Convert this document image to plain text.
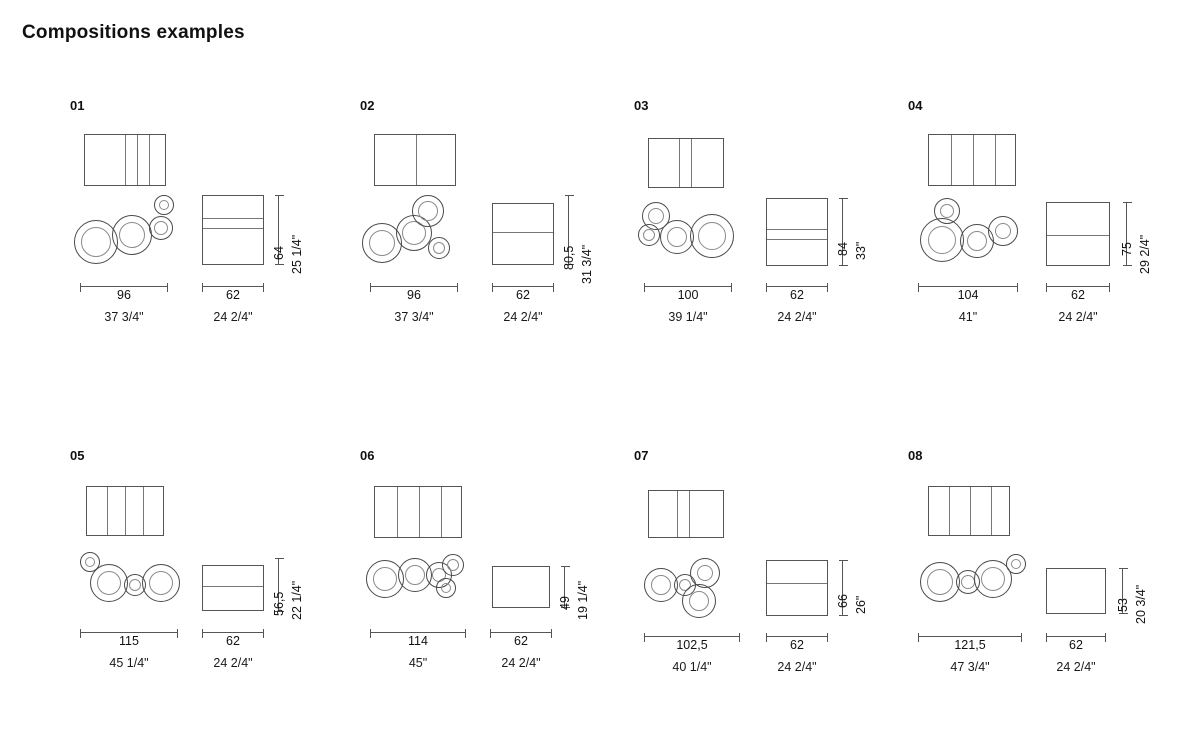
Compositions examples
01
64 25 1/4"
96	62
37 3/4"	24 2/4"
02
80,5 31 3/4"
96	62
37 3/4"	24 2/4"
03
84 33"
100	62
39 1/4"	24 2/4"
04
104
75 29 2/4"
62
41"	24 2/4"
05
56,5 22 1/4"
115	62
45 1/4"	24 2/4"
06
49 19 1/4"
114	62
45"	24 2/4"
07
66 26"
102,5	62
40 1/4"	24 2/4"
08
53 20 3/4"
121,5	62
47 3/4"	24 2/4"
